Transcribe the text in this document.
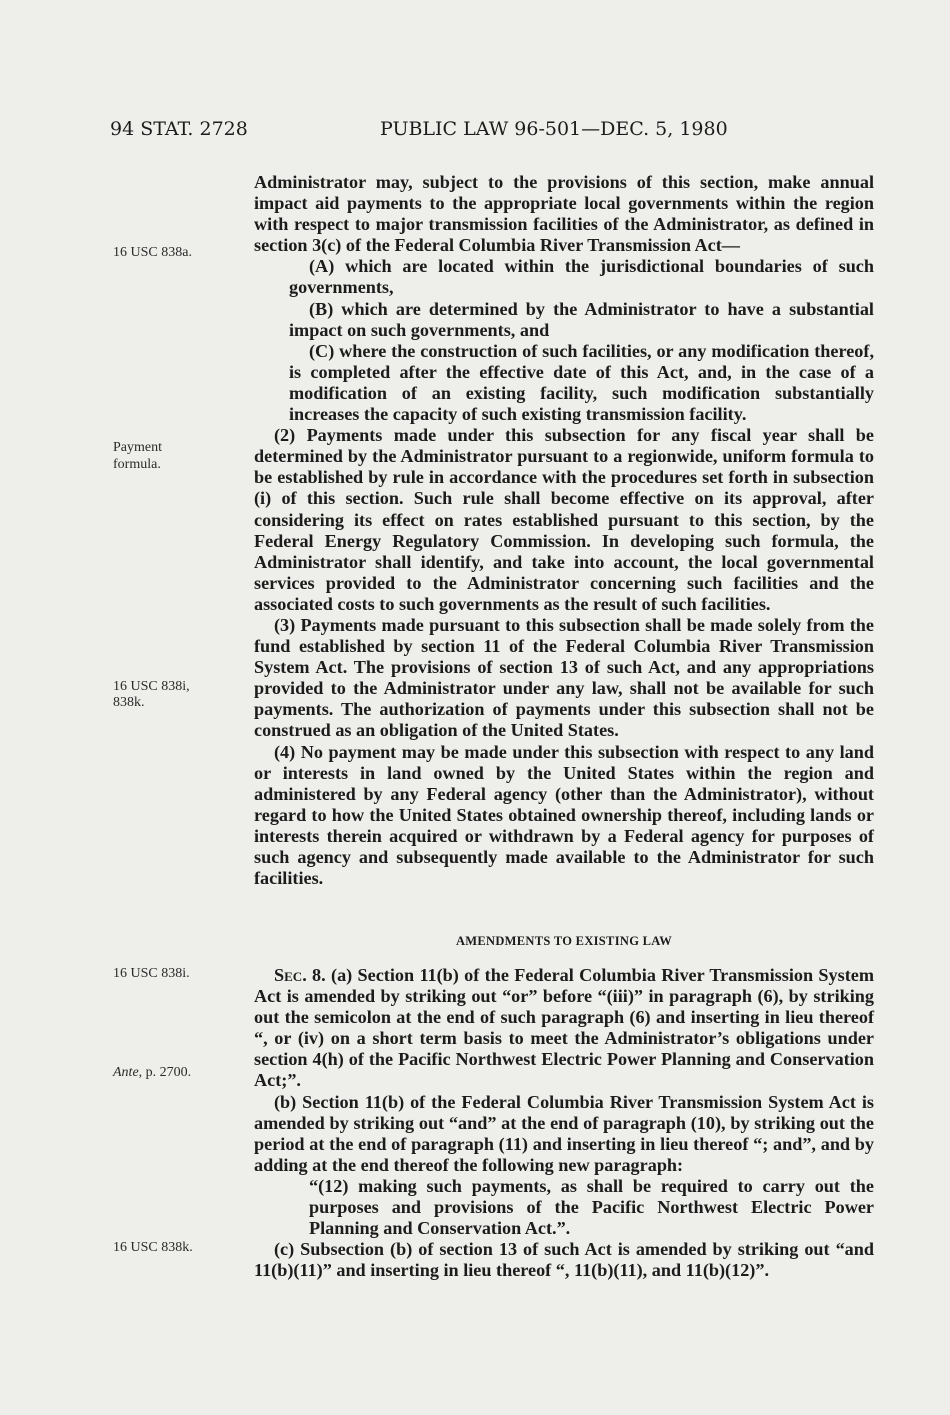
94 STAT. 2728	PUBLIC LAW 96-501—DEC. 5, 1980
16 USC 838a.
Payment
formula.
16 USC 838i,
838k.
16 USC 838i.
Ante, p. 2700.
16 USC 838k.

Administrator may, subject to the provisions of this section, make annual impact aid payments to the appropriate local governments within the region with respect to major transmission facilities of the Administrator, as defined in section 3(c) of the Federal Columbia River Transmission Act—

(A) which are located within the jurisdictional boundaries of such governments,

(B) which are determined by the Administrator to have a substantial impact on such governments, and

(C) where the construction of such facilities, or any modification thereof, is completed after the effective date of this Act, and, in the case of a modification of an existing facility, such modification substantially increases the capacity of such existing transmission facility.

(2) Payments made under this subsection for any fiscal year shall be determined by the Administrator pursuant to a regionwide, uniform formula to be established by rule in accordance with the procedures set forth in subsection (i) of this section. Such rule shall become effective on its approval, after considering its effect on rates established pursuant to this section, by the Federal Energy Regulatory Commission. In developing such formula, the Administrator shall identify, and take into account, the local governmental services provided to the Administrator concerning such facilities and the associated costs to such governments as the result of such facilities.

(3) Payments made pursuant to this subsection shall be made solely from the fund established by section 11 of the Federal Columbia River Transmission System Act. The provisions of section 13 of such Act, and any appropriations provided to the Administrator under any law, shall not be available for such payments. The authorization of payments under this subsection shall not be construed as an obligation of the United States.

(4) No payment may be made under this subsection with respect to any land or interests in land owned by the United States within the region and administered by any Federal agency (other than the Administrator), without regard to how the United States obtained ownership thereof, including lands or interests therein acquired or withdrawn by a Federal agency for purposes of such agency and subsequently made available to the Administrator for such facilities.

AMENDMENTS TO EXISTING LAW

Sec. 8. (a) Section 11(b) of the Federal Columbia River Transmission System Act is amended by striking out “or” before “(iii)” in paragraph (6), by striking out the semicolon at the end of such paragraph (6) and inserting in lieu thereof “, or (iv) on a short term basis to meet the Administrator’s obligations under section 4(h) of the Pacific Northwest Electric Power Planning and Conservation Act;”.

(b) Section 11(b) of the Federal Columbia River Transmission System Act is amended by striking out “and” at the end of paragraph (10), by striking out the period at the end of paragraph (11) and inserting in lieu thereof “; and”, and by adding at the end thereof the following new paragraph:

“(12) making such payments, as shall be required to carry out the purposes and provisions of the Pacific Northwest Electric Power Planning and Conservation Act.”.

(c) Subsection (b) of section 13 of such Act is amended by striking out “and 11(b)(11)” and inserting in lieu thereof “, 11(b)(11), and 11(b)(12)”.
